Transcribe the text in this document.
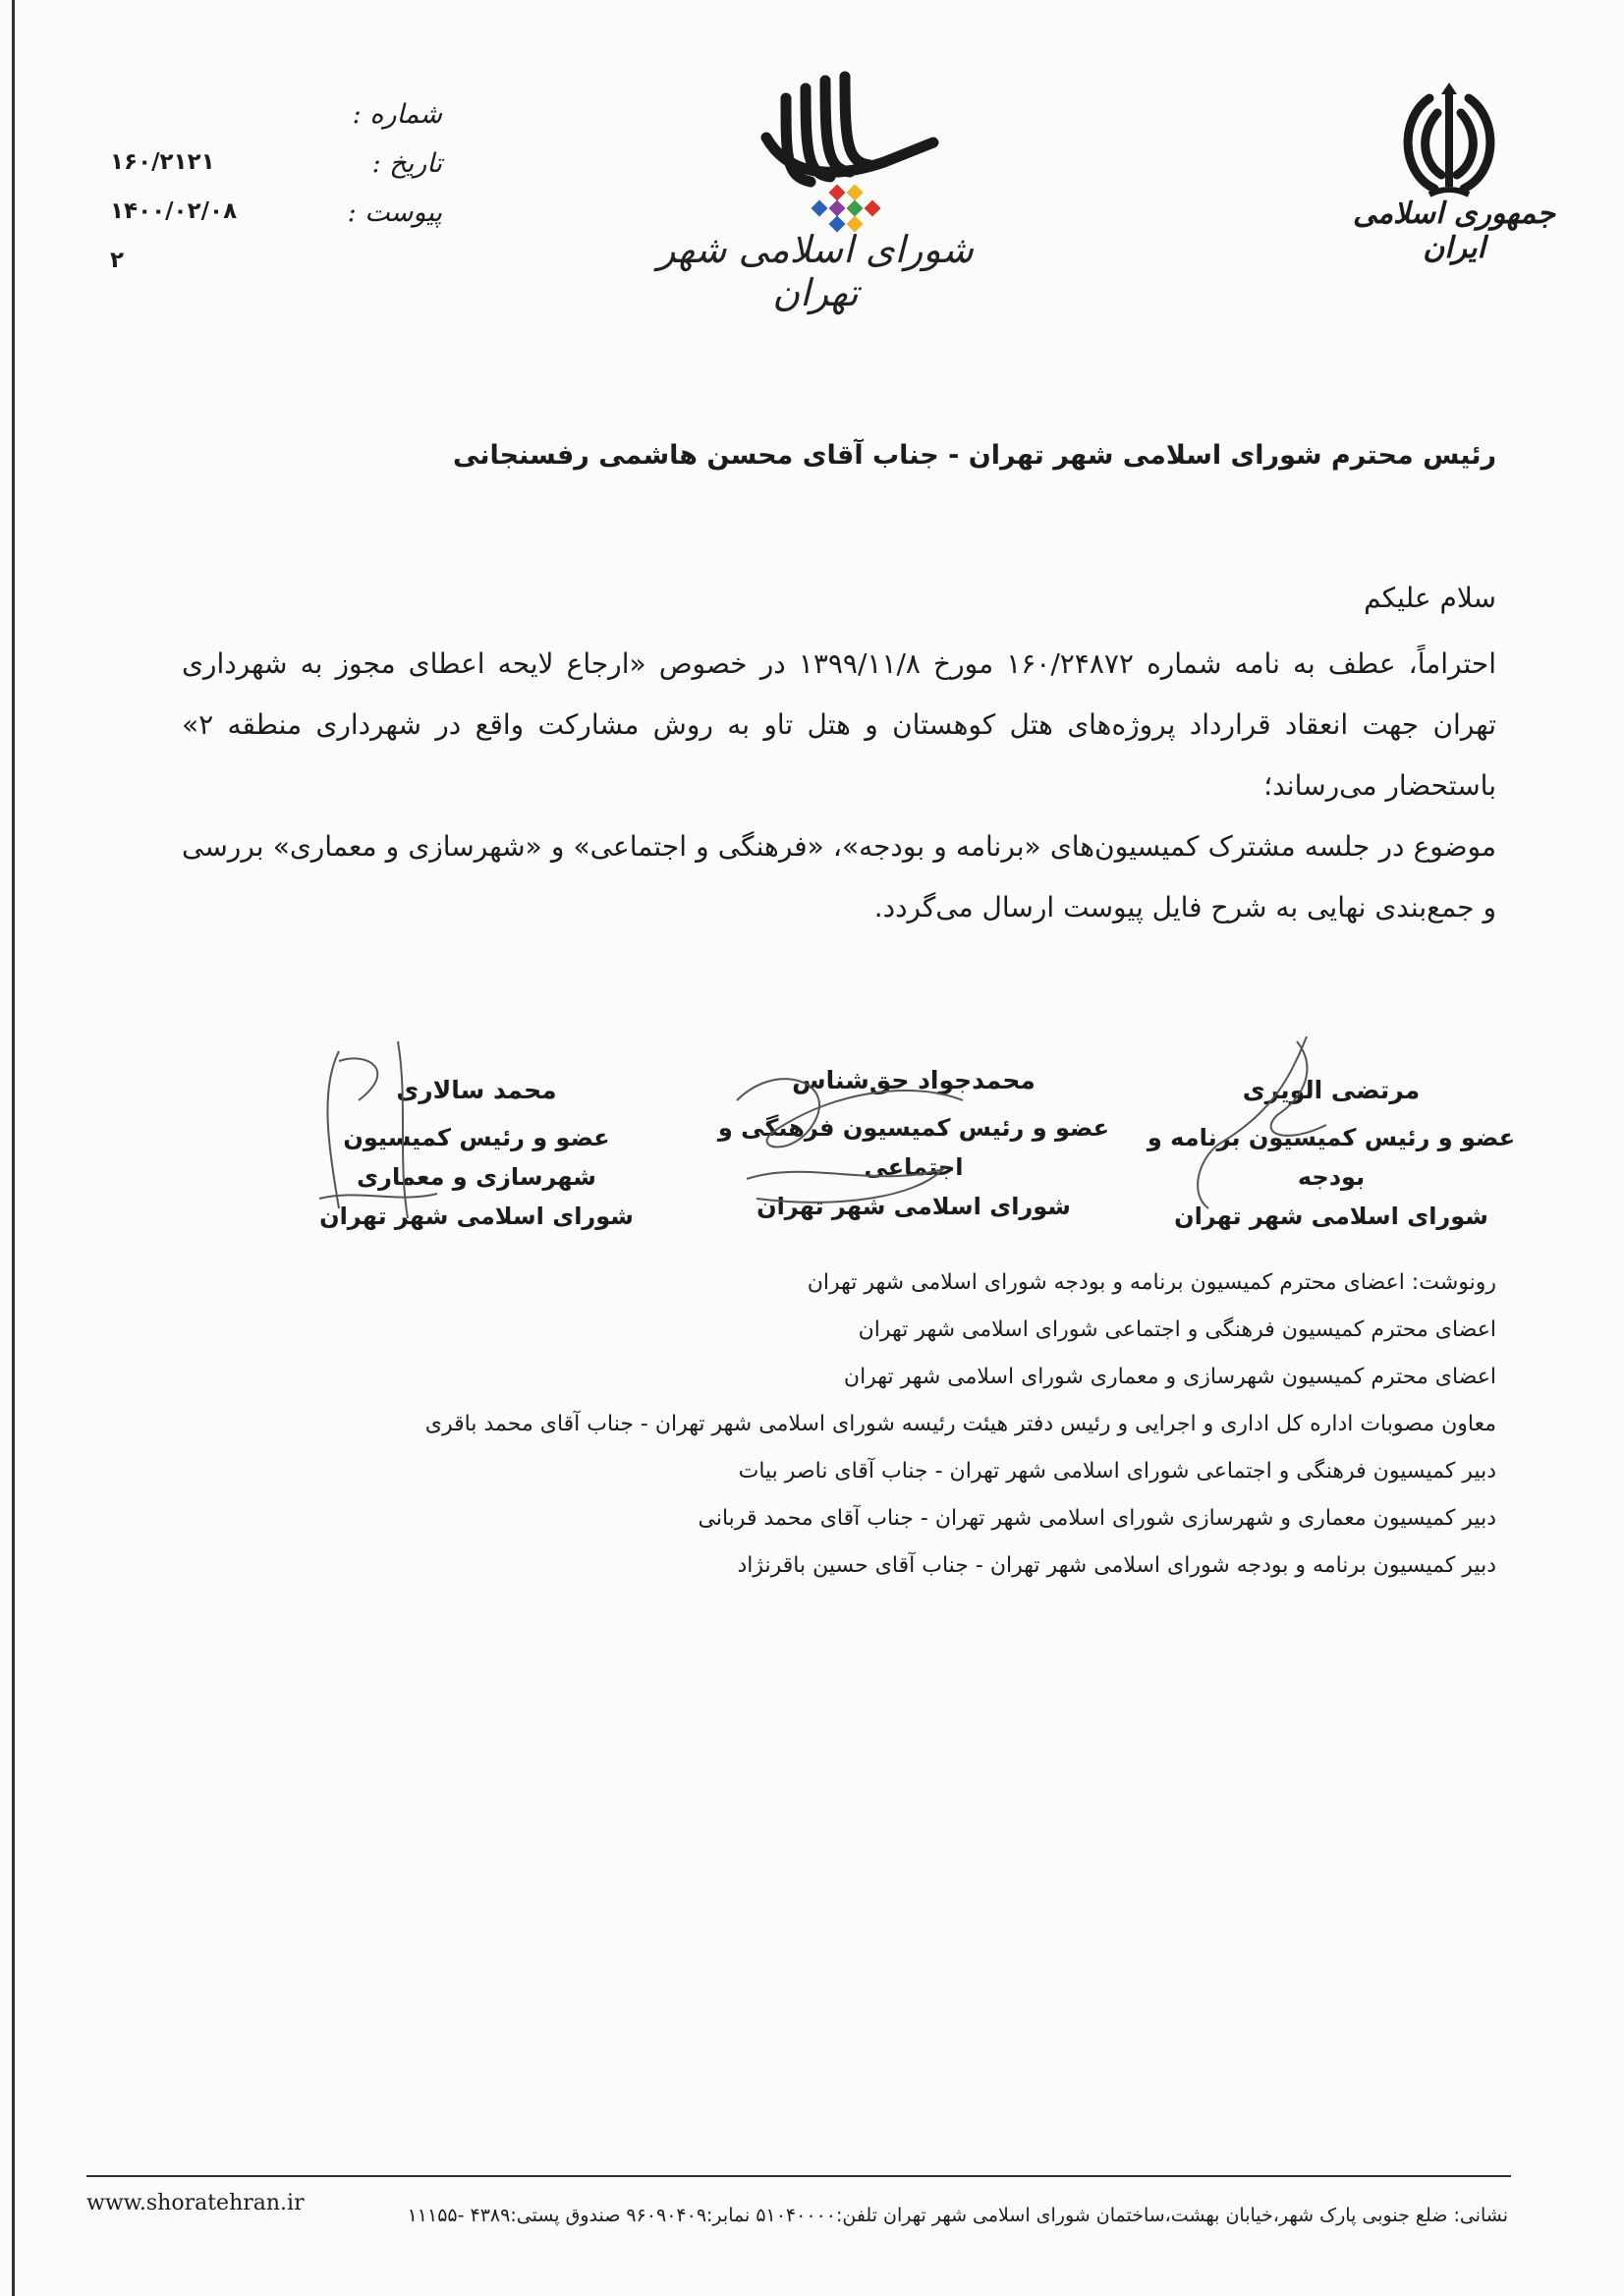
شماره :
تاریخ :
پیوست :
۱۶۰/۲۱۲۱
۱۴۰۰/۰۲/۰۸
۲	شورای اسلامی شهر تهران
جمهوری اسلامی ایران
رئیس محترم شورای اسلامی شهر تهران - جناب آقای محسن هاشمی رفسنجانی
سلام علیکم

احتراماً، عطف به نامه شماره ۱۶۰/۲۴۸۷۲ مورخ ۱۳۹۹/۱۱/۸ در خصوص «ارجاع لایحه اعطای مجوز به شهرداری تهران جهت انعقاد قرارداد پروژه‌های هتل کوهستان و هتل تاو به روش مشارکت واقع در شهرداری منطقه ۲» باستحضار می‌رساند؛

موضوع در جلسه مشترک کمیسیون‌های «برنامه و بودجه»، «فرهنگی و اجتماعی» و «شهرسازی و معماری» بررسی و جمع‌بندی نهایی به شرح فایل پیوست ارسال می‌گردد.

مرتضی الویری
عضو و رئیس کمیسیون برنامه و بودجه
شورای اسلامی شهر تهران
محمدجواد حق‌شناس
عضو و رئیس کمیسیون فرهنگی و اجتماعی
شورای اسلامی شهر تهران
محمد سالاری
عضو و رئیس کمیسیون شهرسازی و معماری
شورای اسلامی شهر تهران
رونوشت: اعضای محترم کمیسیون برنامه و بودجه شورای اسلامی شهر تهران
اعضای محترم کمیسیون فرهنگی و اجتماعی شورای اسلامی شهر تهران
اعضای محترم کمیسیون شهرسازی و معماری شورای اسلامی شهر تهران
معاون مصوبات اداره کل اداری و اجرایی و رئیس دفتر هیئت رئیسه شورای اسلامی شهر تهران - جناب آقای محمد باقری
دبیر کمیسیون فرهنگی و اجتماعی شورای اسلامی شهر تهران - جناب آقای ناصر بیات
دبیر کمیسیون معماری و شهرسازی شورای اسلامی شهر تهران - جناب آقای محمد قربانی
دبیر کمیسیون برنامه و بودجه شورای اسلامی شهر تهران - جناب آقای حسین باقرنژاد
نشانی: ضلع جنوبی پارک شهر،خیابان بهشت،ساختمان شورای اسلامی شهر تهران تلفن:۵۱۰۴۰۰۰۰ نمابر:۹۶۰۹۰۴۰۹ صندوق پستی:۴۳۸۹ -۱۱۱۵۵
www.shoratehran.ir
